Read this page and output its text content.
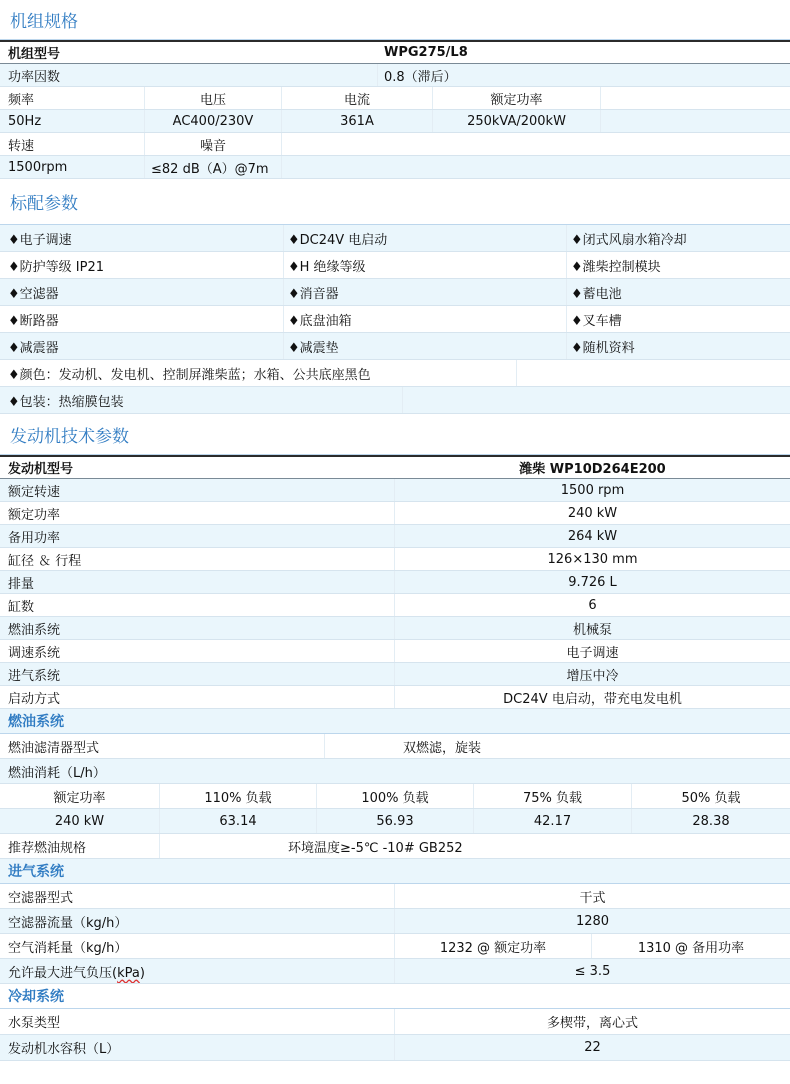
机组规格
机组型号	WPG275/L8
功率因数	0.8（滞后）
频率	电压	电流	额定功率
50Hz	AC400/230V	361A	250kVA/200kW
转速	噪音
1500rpm	≤82 dB（A）@7m
标配参数
♦电子调速	♦DC24V 电启动	♦闭式风扇水箱冷却
♦防护等级 IP21	♦H 绝缘等级	♦潍柴控制模块
♦空滤器	♦消音器	♦蓄电池
♦断路器	♦底盘油箱	♦叉车槽
♦减震器	♦减震垫	♦随机资料
♦颜色：发动机、发电机、控制屏潍柴蓝；水箱、公共底座黑色
♦包装：热缩膜包装
发动机技术参数
发动机型号	潍柴 WP10D264E200
额定转速	1500 rpm
额定功率	240 kW
备用功率	264 kW
缸径 ＆ 行程	126×130 mm
排量	9.726 L
缸数	6
燃油系统	机械泵
调速系统	电子调速
进气系统	增压中冷
启动方式	DC24V 电启动，带充电发电机
燃油系统
燃油滤清器型式	双燃滤，旋装
燃油消耗（L/h）
额定功率	110% 负载	100% 负载	75% 负载	50% 负载
240 kW	63.14	56.93	42.17	28.38
推荐燃油规格	环境温度≥-5℃ -10# GB252
进气系统
空滤器型式	干式
空滤器流量（kg/h）	1280
空气消耗量（kg/h）	1232 @ 额定功率	1310 @ 备用功率
允许最大进气负压(kPa)	≤ 3.5
冷却系统
水泵类型	多楔带，离心式
发动机水容积（L）	22
